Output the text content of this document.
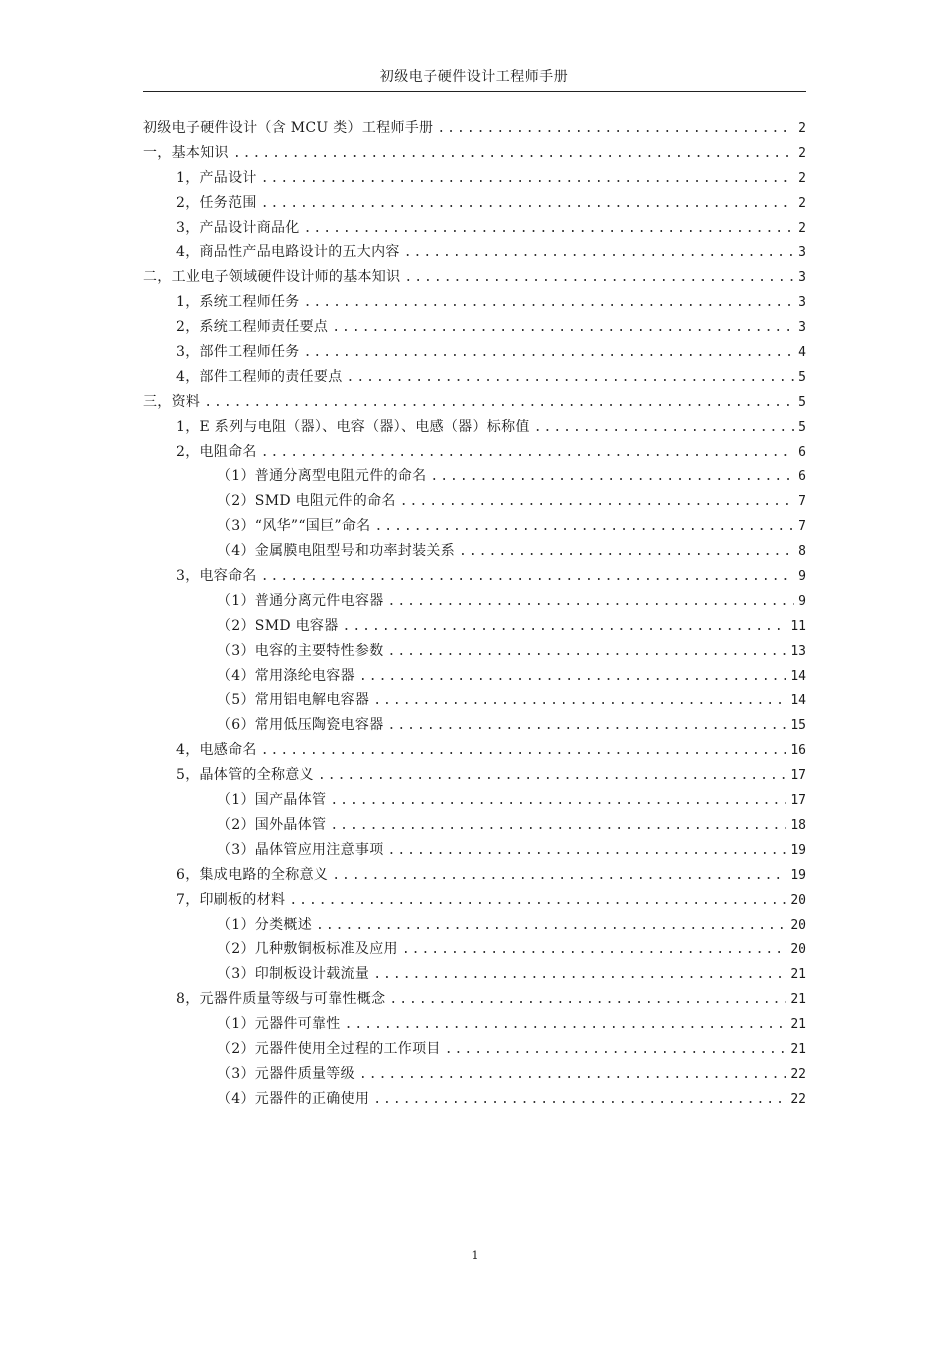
初级电子硬件设计工程师手册
初级电子硬件设计（含 MCU 类）工程师手册 .....	2
一，基本知识 .....	2
1，产品设计 .....	2
2，任务范围 .....	2
3，产品设计商品化 .....	2
4，商品性产品电路设计的五大内容 .....	3
二，工业电子领域硬件设计师的基本知识 .....	3
1，系统工程师任务 .....	3
2，系统工程师责任要点 .....	3
3，部件工程师任务 .....	4
4，部件工程师的责任要点 .....	5
三，资料 .....	5
1，E 系列与电阻（器）、电容（器）、电感（器）标称值 .....	5
2，电阻命名 .....	6
（1）普通分离型电阻元件的命名 .....	6
（2）SMD 电阻元件的命名 .....	7
（3）“风华”“国巨”命名 .....	7
（4）金属膜电阻型号和功率封装关系 .....	8
3，电容命名 .....	9
（1）普通分离元件电容器 .....	9
（2）SMD 电容器 .....	11
（3）电容的主要特性参数 .....	13
（4）常用涤纶电容器 .....	14
（5）常用铝电解电容器 .....	14
（6）常用低压陶瓷电容器 .....	15
4，电感命名 .....	16
5，晶体管的全称意义 .....	17
（1）国产晶体管 .....	17
（2）国外晶体管 .....	18
（3）晶体管应用注意事项 .....	19
6，集成电路的全称意义 .....	19
7，印刷板的材料 .....	20
（1）分类概述 .....	20
（2）几种敷铜板标准及应用 .....	20
（3）印制板设计载流量 .....	21
8，元器件质量等级与可靠性概念 .....	21
（1）元器件可靠性 .....	21
（2）元器件使用全过程的工作项目 .....	21
（3）元器件质量等级 .....	22
（4）元器件的正确使用 .....	22
1
